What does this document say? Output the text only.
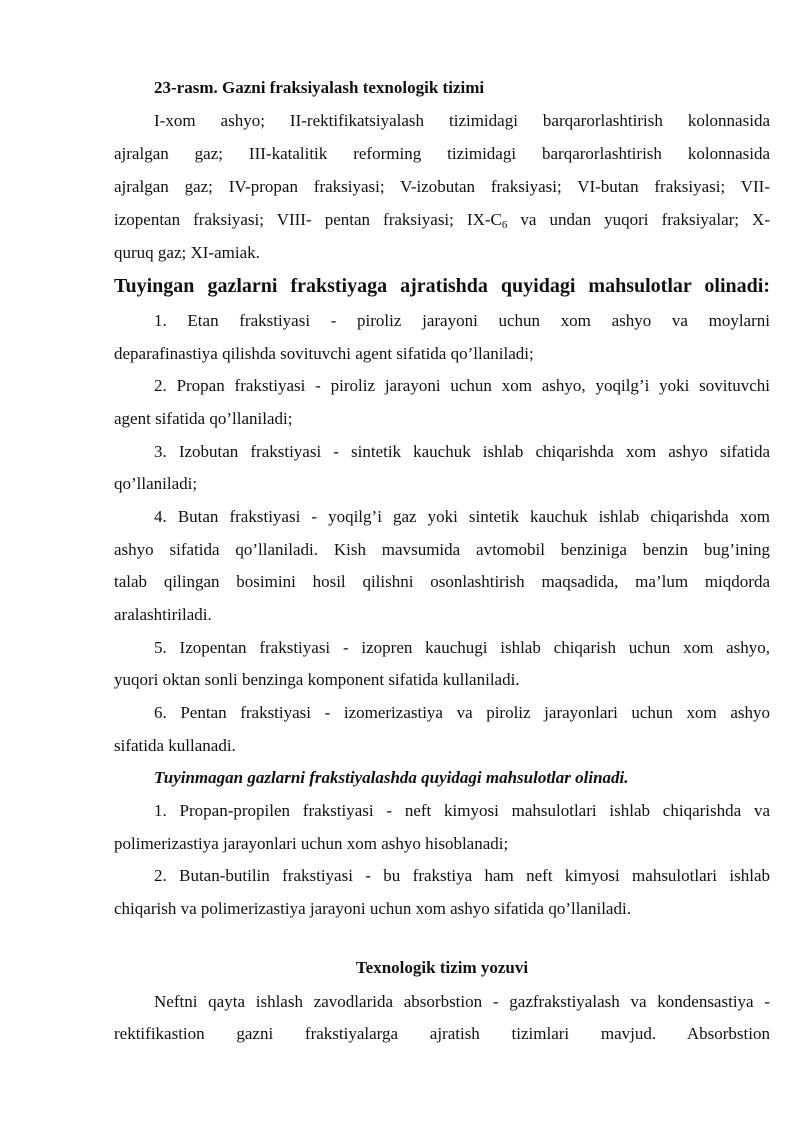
23-rasm. Gazni fraksiyalash texnologik tizimi
I-xom ashyo; II-rektifikatsiyalash tizimidagi barqarorlashtirish kolonnasida
ajralgan gaz; III-katalitik reforming tizimidagi barqarorlashtirish kolonnasida
ajralgan gaz; IV-propan fraksiyasi; V-izobutan fraksiyasi; VI-butan fraksiyasi; VII-
izopentan fraksiyasi; VIII- pentan fraksiyasi; $IX-C_6$ va undan yuqori fraksiyalar; X-
quruq gaz; XI-amiak.
Tuyingan gazlarni frakstiyaga ajratishda quyidagi mahsulotlar olinadi:
1. Etan frakstiyasi - piroliz jarayoni uchun xom ashyo va moylarni
deparafinastiya qilishda sovituvchi agent sifatida qo’llaniladi;
2. Propan frakstiyasi - piroliz jarayoni uchun xom ashyo, yoqilg’i yoki sovituvchi
agent sifatida qo’llaniladi;
3. Izobutan frakstiyasi - sintetik kauchuk ishlab chiqarishda xom ashyo sifatida
qo’llaniladi;
4. Butan frakstiyasi - yoqilg’i gaz yoki sintetik kauchuk ishlab chiqarishda xom
ashyo sifatida qo’llaniladi. Kish mavsumida avtomobil benziniga benzin bug’ining
talab qilingan bosimini hosil qilishni osonlashtirish maqsadida, ma’lum miqdorda
aralashtiriladi.
5. Izopentan frakstiyasi - izopren kauchugi ishlab chiqarish uchun xom ashyo,
yuqori oktan sonli benzinga komponent sifatida kullaniladi.
6. Pentan frakstiyasi - izomerizastiya va piroliz jarayonlari uchun xom ashyo
sifatida kullanadi.
Tuyinmagan gazlarni frakstiyalashda quyidagi mahsulotlar olinadi.
1. Propan-propilen frakstiyasi - neft kimyosi mahsulotlari ishlab chiqarishda va
polimerizastiya jarayonlari uchun xom ashyo hisoblanadi;
2. Butan-butilin frakstiyasi - bu frakstiya ham neft kimyosi mahsulotlari ishlab
chiqarish va polimerizastiya jarayoni uchun xom ashyo sifatida qo’llaniladi.
Texnologik tizim yozuvi
Neftni qayta ishlash zavodlarida absorbstion - gazfrakstiyalash va kondensastiya -
rektifikastion gazni frakstiyalarga ajratish tizimlari mavjud. Absorbstion
